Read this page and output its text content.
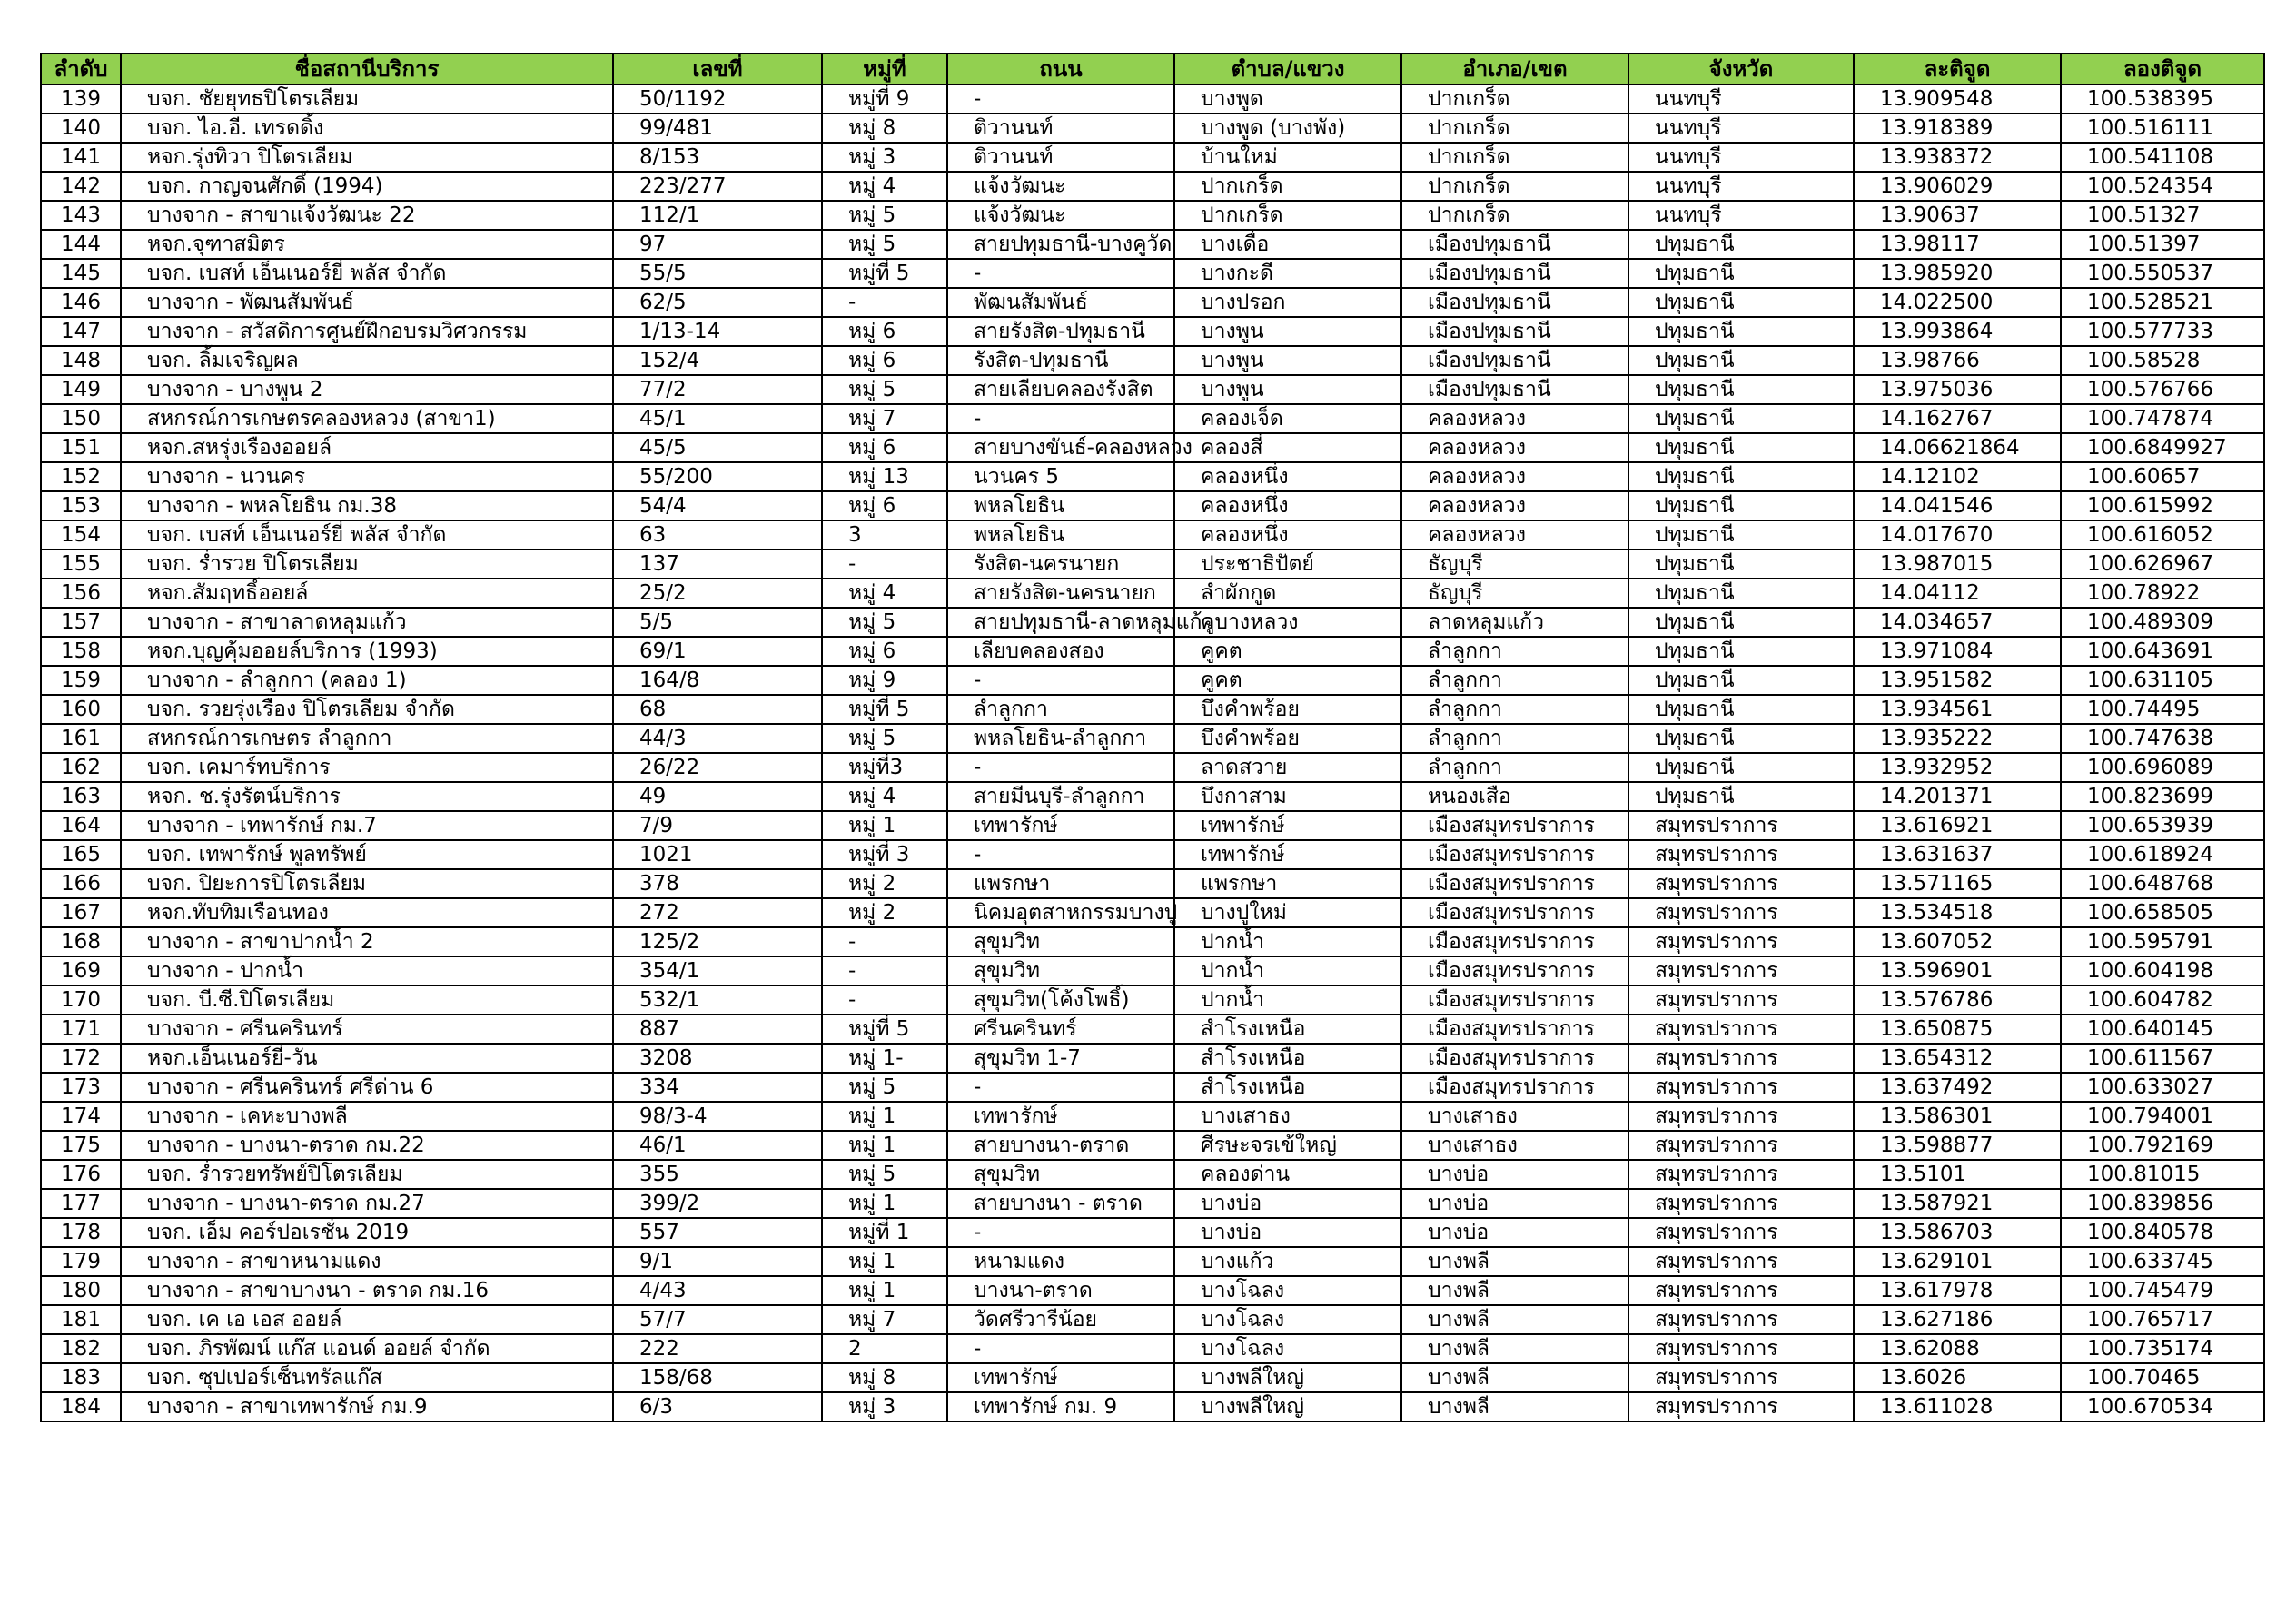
ลำดับ	ชื่อสถานีบริการ	เลขที่	หมู่ที่	ถนน	ตำบล/แขวง	อำเภอ/เขต	จังหวัด	ละติจูด	ลองติจูด
139	บจก. ชัยยุทธปิโตรเลียม	50/1192	หมู่ที่ 9	-	บางพูด	ปากเกร็ด	นนทบุรี	13.909548	100.538395
140	บจก. ไอ.อี. เทรดดิ้ง	99/481	หมู่ 8	ติวานนท์	บางพูด (บางพัง)	ปากเกร็ด	นนทบุรี	13.918389	100.516111
141	หจก.รุ่งทิวา ปิโตรเลียม	8/153	หมู่ 3	ติวานนท์	บ้านใหม่	ปากเกร็ด	นนทบุรี	13.938372	100.541108
142	บจก. กาญจนศักดิ์ (1994)	223/277	หมู่ 4	แจ้งวัฒนะ	ปากเกร็ด	ปากเกร็ด	นนทบุรี	13.906029	100.524354
143	บางจาก - สาขาแจ้งวัฒนะ 22	112/1	หมู่ 5	แจ้งวัฒนะ	ปากเกร็ด	ปากเกร็ด	นนทบุรี	13.90637	100.51327
144	หจก.จุฑาสมิตร	97	หมู่ 5	สายปทุมธานี-บางคูวัด	บางเดื่อ	เมืองปทุมธานี	ปทุมธานี	13.98117	100.51397
145	บจก. เบสท์ เอ็นเนอร์ยี่ พลัส จำกัด	55/5	หมู่ที่ 5	-	บางกะดี	เมืองปทุมธานี	ปทุมธานี	13.985920	100.550537
146	บางจาก - พัฒนสัมพันธ์	62/5	-	พัฒนสัมพันธ์	บางปรอก	เมืองปทุมธานี	ปทุมธานี	14.022500	100.528521
147	บางจาก - สวัสดิการศูนย์ฝึกอบรมวิศวกรรม	1/13-14	หมู่ 6	สายรังสิต-ปทุมธานี	บางพูน	เมืองปทุมธานี	ปทุมธานี	13.993864	100.577733
148	บจก. ลิ้มเจริญผล	152/4	หมู่ 6	รังสิต-ปทุมธานี	บางพูน	เมืองปทุมธานี	ปทุมธานี	13.98766	100.58528
149	บางจาก - บางพูน 2	77/2	หมู่ 5	สายเลียบคลองรังสิต	บางพูน	เมืองปทุมธานี	ปทุมธานี	13.975036	100.576766
150	สหกรณ์การเกษตรคลองหลวง (สาขา1)	45/1	หมู่ 7	-	คลองเจ็ด	คลองหลวง	ปทุมธานี	14.162767	100.747874
151	หจก.สหรุ่งเรืองออยล์	45/5	หมู่ 6	สายบางขันธ์-คลองหลวง	คลองสี่	คลองหลวง	ปทุมธานี	14.06621864	100.6849927
152	บางจาก - นวนคร	55/200	หมู่ 13	นวนคร 5	คลองหนึ่ง	คลองหลวง	ปทุมธานี	14.12102	100.60657
153	บางจาก - พหลโยธิน กม.38	54/4	หมู่ 6	พหลโยธิน	คลองหนึ่ง	คลองหลวง	ปทุมธานี	14.041546	100.615992
154	บจก. เบสท์ เอ็นเนอร์ยี่ พลัส จำกัด	63	3	พหลโยธิน	คลองหนึ่ง	คลองหลวง	ปทุมธานี	14.017670	100.616052
155	บจก. ร่ำรวย ปิโตรเลียม	137	-	รังสิต-นครนายก	ประชาธิปัตย์	ธัญบุรี	ปทุมธานี	13.987015	100.626967
156	หจก.สัมฤทธิ์ออยล์	25/2	หมู่ 4	สายรังสิต-นครนายก	ลำผักกูด	ธัญบุรี	ปทุมธานี	14.04112	100.78922
157	บางจาก - สาขาลาดหลุมแก้ว	5/5	หมู่ 5	สายปทุมธานี-ลาดหลุมแก้ว	คูบางหลวง	ลาดหลุมแก้ว	ปทุมธานี	14.034657	100.489309
158	หจก.บุญคุ้มออยล์บริการ (1993)	69/1	หมู่ 6	เลียบคลองสอง	คูคต	ลำลูกกา	ปทุมธานี	13.971084	100.643691
159	บางจาก - ลำลูกกา (คลอง 1)	164/8	หมู่ 9	-	คูคต	ลำลูกกา	ปทุมธานี	13.951582	100.631105
160	บจก. รวยรุ่งเรือง ปิโตรเลียม จำกัด	68	หมู่ที่ 5	ลำลูกกา	บึงคำพร้อย	ลำลูกกา	ปทุมธานี	13.934561	100.74495
161	สหกรณ์การเกษตร ลำลูกกา	44/3	หมู่ 5	พหลโยธิน-ลำลูกกา	บึงคำพร้อย	ลำลูกกา	ปทุมธานี	13.935222	100.747638
162	บจก. เคมาร์ทบริการ	26/22	หมู่ที่3	-	ลาดสวาย	ลำลูกกา	ปทุมธานี	13.932952	100.696089
163	หจก. ช.รุ่งรัตน์บริการ	49	หมู่ 4	สายมีนบุรี-ลำลูกกา	บึงกาสาม	หนองเสือ	ปทุมธานี	14.201371	100.823699
164	บางจาก - เทพารักษ์ กม.7	7/9	หมู่ 1	เทพารักษ์	เทพารักษ์	เมืองสมุทรปราการ	สมุทรปราการ	13.616921	100.653939
165	บจก. เทพารักษ์ พูลทรัพย์	1021	หมู่ที่ 3	-	เทพารักษ์	เมืองสมุทรปราการ	สมุทรปราการ	13.631637	100.618924
166	บจก. ปิยะการปิโตรเลียม	378	หมู่ 2	แพรกษา	แพรกษา	เมืองสมุทรปราการ	สมุทรปราการ	13.571165	100.648768
167	หจก.ทับทิมเรือนทอง	272	หมู่ 2	นิคมอุตสาหกรรมบางปู	บางปูใหม่	เมืองสมุทรปราการ	สมุทรปราการ	13.534518	100.658505
168	บางจาก - สาขาปากน้ำ 2	125/2	-	สุขุมวิท	ปากน้ำ	เมืองสมุทรปราการ	สมุทรปราการ	13.607052	100.595791
169	บางจาก - ปากน้ำ	354/1	-	สุขุมวิท	ปากน้ำ	เมืองสมุทรปราการ	สมุทรปราการ	13.596901	100.604198
170	บจก. บี.ซี.ปิโตรเลียม	532/1	-	สุขุมวิท(โค้งโพธิ์)	ปากน้ำ	เมืองสมุทรปราการ	สมุทรปราการ	13.576786	100.604782
171	บางจาก - ศรีนครินทร์	887	หมู่ที่ 5	ศรีนครินทร์	สำโรงเหนือ	เมืองสมุทรปราการ	สมุทรปราการ	13.650875	100.640145
172	หจก.เอ็นเนอร์ยี่-วัน	3208	หมู่ 1-	สุขุมวิท 1-7	สำโรงเหนือ	เมืองสมุทรปราการ	สมุทรปราการ	13.654312	100.611567
173	บางจาก - ศรีนครินทร์ ศรีด่าน 6	334	หมู่ 5	-	สำโรงเหนือ	เมืองสมุทรปราการ	สมุทรปราการ	13.637492	100.633027
174	บางจาก - เคหะบางพลี	98/3-4	หมู่ 1	เทพารักษ์	บางเสาธง	บางเสาธง	สมุทรปราการ	13.586301	100.794001
175	บางจาก - บางนา-ตราด กม.22	46/1	หมู่ 1	สายบางนา-ตราด	ศีรษะจรเข้ใหญ่	บางเสาธง	สมุทรปราการ	13.598877	100.792169
176	บจก. ร่ำรวยทรัพย์ปิโตรเลียม	355	หมู่ 5	สุขุมวิท	คลองด่าน	บางบ่อ	สมุทรปราการ	13.5101	100.81015
177	บางจาก - บางนา-ตราด กม.27	399/2	หมู่ 1	สายบางนา - ตราด	บางบ่อ	บางบ่อ	สมุทรปราการ	13.587921	100.839856
178	บจก. เอ็ม คอร์ปอเรชั่น 2019	557	หมู่ที่ 1	-	บางบ่อ	บางบ่อ	สมุทรปราการ	13.586703	100.840578
179	บางจาก - สาขาหนามแดง	9/1	หมู่ 1	หนามแดง	บางแก้ว	บางพลี	สมุทรปราการ	13.629101	100.633745
180	บางจาก - สาขาบางนา - ตราด กม.16	4/43	หมู่ 1	บางนา-ตราด	บางโฉลง	บางพลี	สมุทรปราการ	13.617978	100.745479
181	บจก. เค เอ เอส ออยล์	57/7	หมู่ 7	วัดศรีวารีน้อย	บางโฉลง	บางพลี	สมุทรปราการ	13.627186	100.765717
182	บจก. ภิรพัฒน์ แก๊ส แอนด์ ออยล์ จำกัด	222	2	-	บางโฉลง	บางพลี	สมุทรปราการ	13.62088	100.735174
183	บจก. ซุปเปอร์เซ็นทรัลแก๊ส	158/68	หมู่ 8	เทพารักษ์	บางพลีใหญ่	บางพลี	สมุทรปราการ	13.6026	100.70465
184	บางจาก - สาขาเทพารักษ์ กม.9	6/3	หมู่ 3	เทพารักษ์ กม. 9	บางพลีใหญ่	บางพลี	สมุทรปราการ	13.611028	100.670534
